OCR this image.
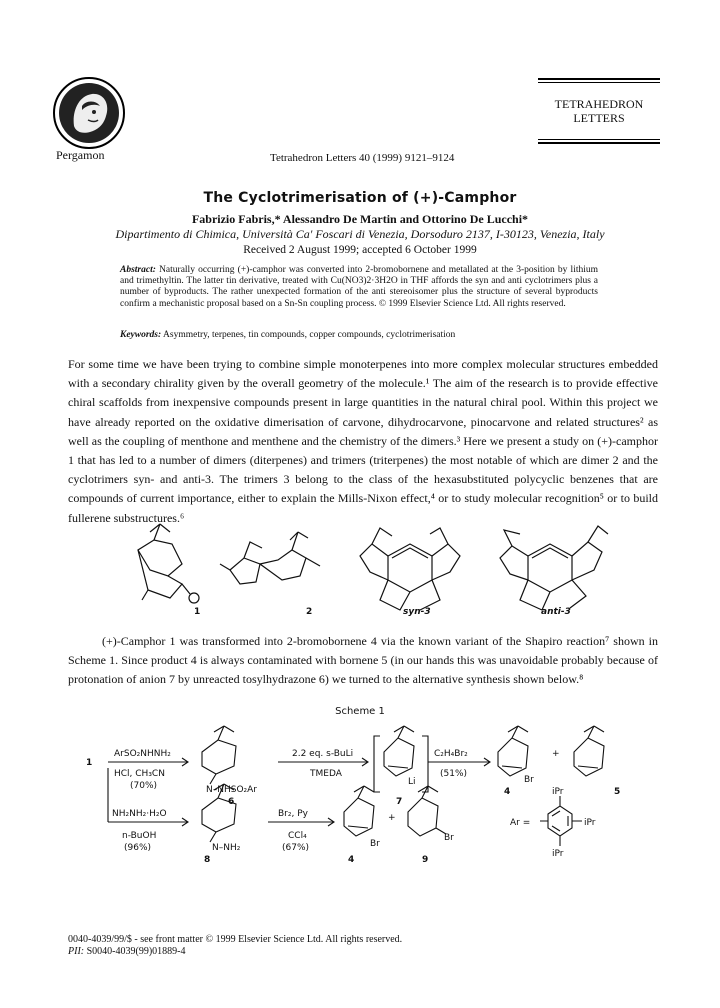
Pergamon	Tetrahedron Letters 40 (1999) 9121–9124
TETRAHEDRON
LETTERS
The Cyclotrimerisation of (+)-Camphor
Fabrizio Fabris,* Alessandro De Martin and Ottorino De Lucchi*
Dipartimento di Chimica, Università Ca' Foscari di Venezia, Dorsoduro 2137, I-30123, Venezia, Italy
Received 2 August 1999; accepted 6 October 1999
Abstract: Naturally occurring (+)-camphor was converted into 2-bromobornene and metallated at the 3-position by lithium and trimethyltin. The latter tin derivative, treated with Cu(NO3)2·3H2O in THF affords the syn and anti cyclotrimers plus a number of byproducts. The rather unexpected formation of the anti stereoisomer plus the structure of several byproducts confirm a mechanistic proposal based on a Sn-Sn coupling process. © 1999 Elsevier Science Ltd. All rights reserved.
Keywords: Asymmetry, terpenes, tin compounds, copper compounds, cyclotrimerisation
For some time we have been trying to combine simple monoterpenes into more complex molecular structures embedded with a secondary chirality given by the overall geometry of the molecule.¹ The aim of the research is to provide effective chiral scaffolds from inexpensive compounds present in large quantities in the natural chiral pool. Within this project we have already reported on the oxidative dimerisation of carvone, dihydrocarvone, pinocarvone and related structures² as well as the coupling of menthone and menthene and the chemistry of the dimers.³ Here we present a study on (+)-camphor 1 that has led to a number of dimers (diterpenes) and trimers (triterpenes) the most notable of which are dimer 2 and the cyclotrimers syn- and anti-3. The trimers 3 belong to the class of the hexasubstituted polycyclic benzenes that are compounds of current importance, either to explain the Mills-Nixon effect,⁴ or to study molecular recognition⁵ or to build fullerene substructures.⁶
1	2	syn-3	anti-3
(+)-Camphor 1 was transformed into 2-bromobornene 4 via the known variant of the Shapiro reaction⁷ shown in Scheme 1. Since product 4 is always contaminated with bornene 5 (in our hands this was unavoidable probably because of protonation of anion 7 by unreacted tosylhydrazone 6) we turned to the alternative synthesis shown below.⁸
Scheme 1
1
ArSO₂NHNH₂
HCl, CH₃CN
(70%)	N–NHSO₂Ar
6
2.2 eq. s-BuLi
TMEDA
Li
7
C₂H₄Br₂
(51%)
Br
4
+
5
NH₂NH₂·H₂O
n-BuOH
(96%)	N–NH₂
8
Br₂, Py
CCl₄
(67%)	Br
4
+
Br
9
Ar =
iPr
iPr
iPr
0040-4039/99/$ - see front matter © 1999 Elsevier Science Ltd. All rights reserved.
PII: S0040-4039(99)01889-4
